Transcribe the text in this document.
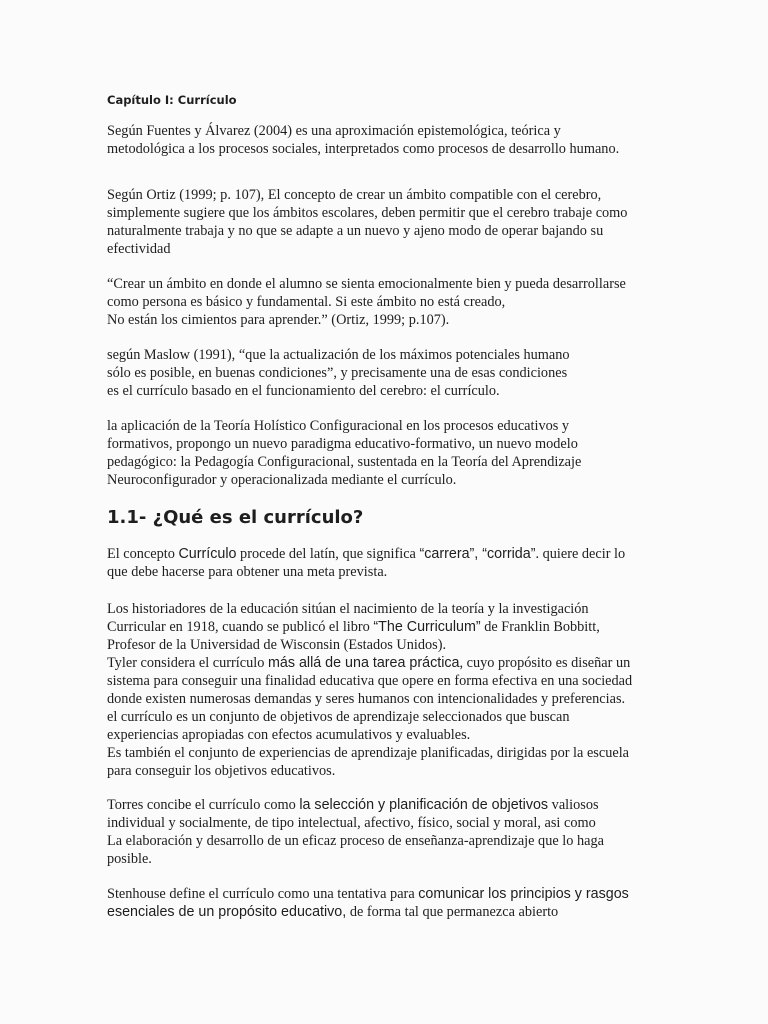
Capítulo I: Currículo

Según Fuentes y Álvarez (2004) es una aproximación epistemológica, teórica y
metodológica a los procesos sociales, interpretados como procesos de desarrollo humano.

Según Ortiz (1999; p. 107), El concepto de crear un ámbito compatible con el cerebro,
simplemente sugiere que los ámbitos escolares, deben permitir que el cerebro trabaje como
naturalmente trabaja y no que se adapte a un nuevo y ajeno modo de operar bajando su
efectividad

“Crear un ámbito en donde el alumno se sienta emocionalmente bien y pueda desarrollarse
como persona es básico y fundamental. Si este ámbito no está creado,
No están los cimientos para aprender.” (Ortiz, 1999; p.107).

según Maslow (1991), “que la actualización de los máximos potenciales humano
sólo es posible, en buenas condiciones”, y precisamente una de esas condiciones
es el currículo basado en el funcionamiento del cerebro: el currículo.

la aplicación de la Teoría Holístico Configuracional en los procesos educativos y
formativos, propongo un nuevo paradigma educativo-formativo, un nuevo modelo
pedagógico: la Pedagogía Configuracional, sustentada en la Teoría del Aprendizaje
Neuroconfigurador y operacionalizada mediante el currículo.

1.1- ¿Qué es el currículo?

El concepto Currículo procede del latín, que significa “carrera”, “corrida”. quiere decir lo
que debe hacerse para obtener una meta prevista.

Los historiadores de la educación sitúan el nacimiento de la teoría y la investigación
Curricular en 1918, cuando se publicó el libro “The Curriculum” de Franklin Bobbitt,
Profesor de la Universidad de Wisconsin (Estados Unidos).
Tyler considera el currículo más allá de una tarea práctica, cuyo propósito es diseñar un
sistema para conseguir una finalidad educativa que opere en forma efectiva en una sociedad
donde existen numerosas demandas y seres humanos con intencionalidades y preferencias.
el currículo es un conjunto de objetivos de aprendizaje seleccionados que buscan
experiencias apropiadas con efectos acumulativos y evaluables.
Es también el conjunto de experiencias de aprendizaje planificadas, dirigidas por la escuela
para conseguir los objetivos educativos.

Torres concibe el currículo como la selección y planificación de objetivos valiosos
individual y socialmente, de tipo intelectual, afectivo, físico, social y moral, asi como
La elaboración y desarrollo de un eficaz proceso de enseñanza-aprendizaje que lo haga
posible.

Stenhouse define el currículo como una tentativa para comunicar los principios y rasgos
esenciales de un propósito educativo, de forma tal que permanezca abierto
